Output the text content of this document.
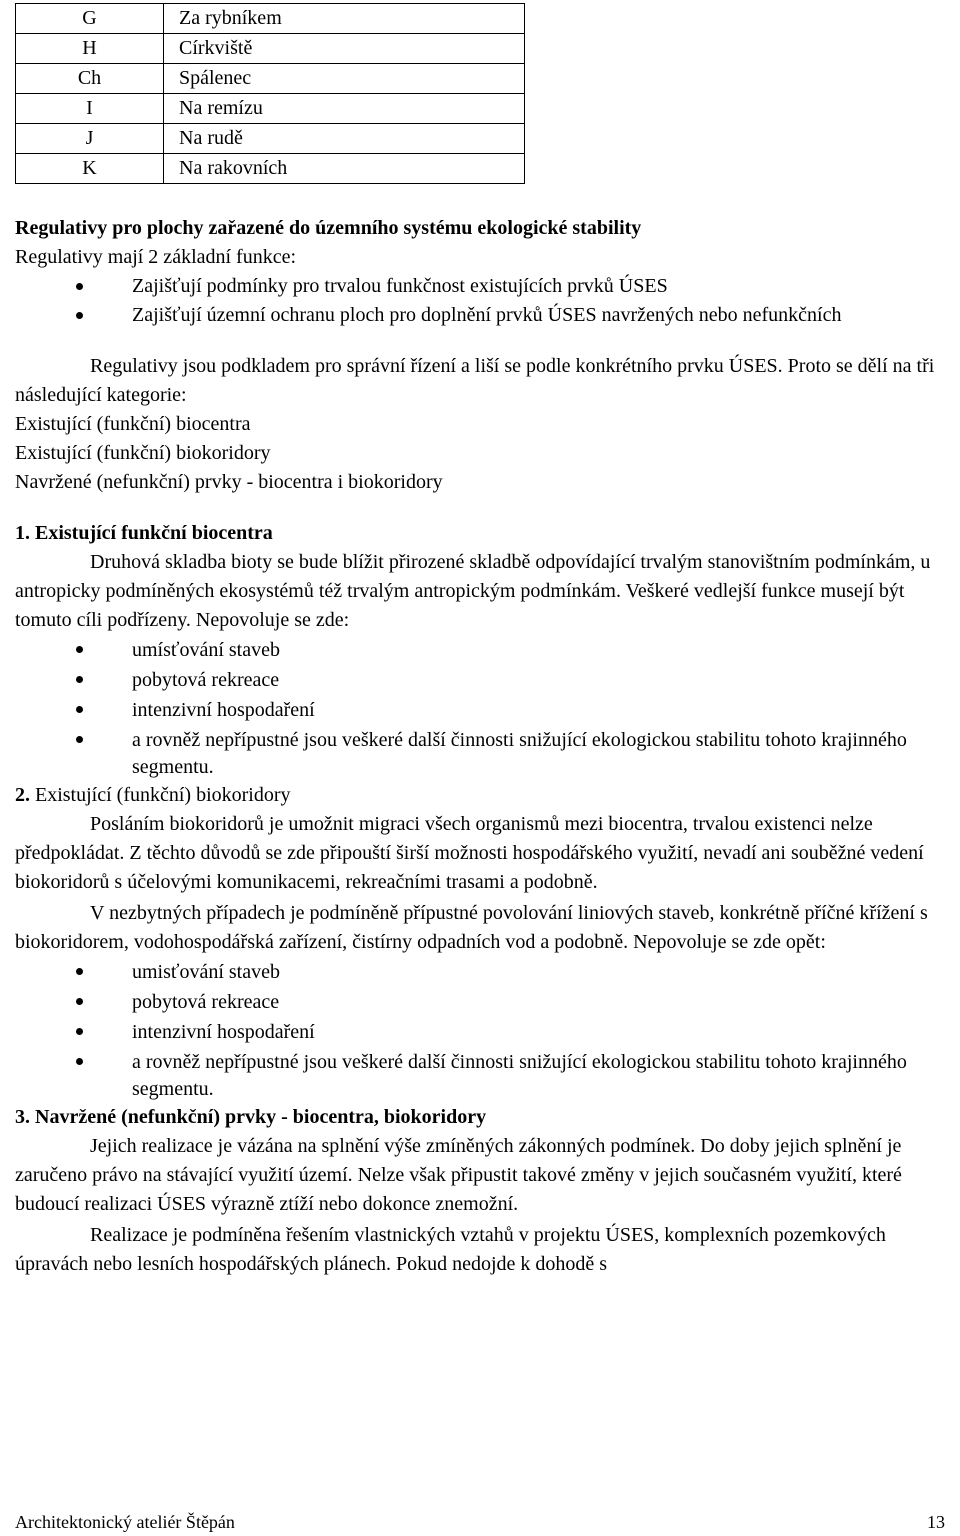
G	Za rybníkem
H	Církviště
Ch	Spálenec
I	Na remízu
J	Na rudě
K	Na rakovních

Regulativy pro plochy zařazené do územního systému ekologické stability

Regulativy mají 2 základní funkce:

Zajišťují podmínky pro trvalou funkčnost existujících prvků ÚSES
Zajišťují územní ochranu ploch pro doplnění prvků ÚSES navržených nebo nefunkčních

Regulativy jsou podkladem pro správní řízení a liší se podle konkrétního prvku ÚSES. Proto se dělí na tři následující kategorie:

Existující (funkční) biocentra

Existující (funkční) biokoridory

Navržené (nefunkční) prvky - biocentra i biokoridory

1. Existující funkční biocentra

Druhová skladba bioty se bude blížit přirozené skladbě odpovídající trvalým stanovištním podmínkám, u antropicky podmíněných ekosystémů též trvalým antropickým podmínkám. Veškeré vedlejší funkce musejí být tomuto cíli podřízeny. Nepovoluje se zde:

umísťování staveb
pobytová rekreace
intenzivní hospodaření
a rovněž nepřípustné jsou veškeré další činnosti snižující ekologickou stabilitu tohoto krajinného segmentu.

2. Existující (funkční) biokoridory

Posláním biokoridorů je umožnit migraci všech organismů mezi biocentra, trvalou existenci nelze předpokládat. Z těchto důvodů se zde připouští širší možnosti hospodářského využití, nevadí ani souběžné vedení biokoridorů s účelovými komunikacemi, rekreačními trasami a podobně.

V nezbytných případech je podmíněně přípustné povolování liniových staveb, konkrétně příčné křížení s biokoridorem, vodohospodářská zařízení, čistírny odpadních vod a podobně. Nepovoluje se zde opět:

umisťování staveb
pobytová rekreace
intenzivní hospodaření
a rovněž nepřípustné jsou veškeré další činnosti snižující ekologickou stabilitu tohoto krajinného segmentu.

3. Navržené (nefunkční) prvky - biocentra, biokoridory

Jejich realizace je vázána na splnění výše zmíněných zákonných podmínek. Do doby jejich splnění je zaručeno právo na stávající využití území. Nelze však připustit takové změny v jejich současném využití, které budoucí realizaci ÚSES výrazně ztíží nebo dokonce znemožní.

Realizace je podmíněna řešením vlastnických vztahů v projektu ÚSES, komplexních pozemkových úpravách nebo lesních hospodářských plánech. Pokud nedojde k dohodě s

Architektonický ateliér Štěpán	13
